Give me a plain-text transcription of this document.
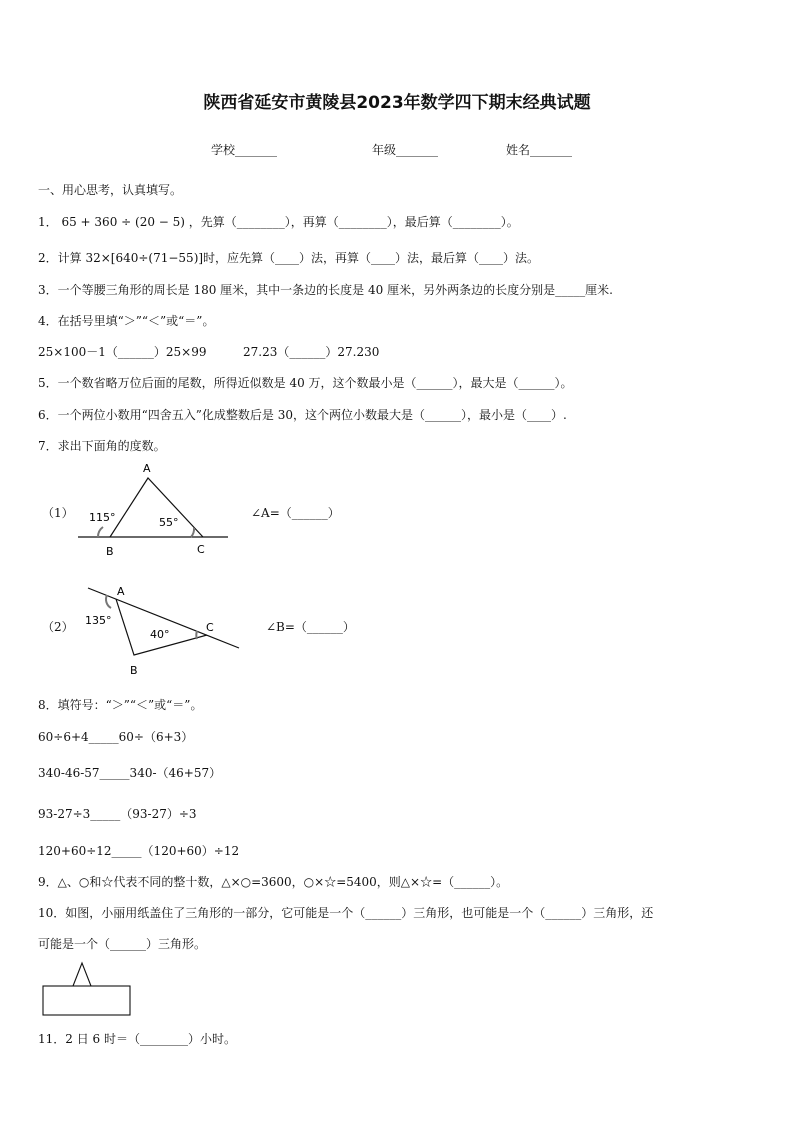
陕西省延安市黄陵县2023年数学四下期末经典试题
学校_______	年级_______	姓名_______
一、用心思考，认真填写。
1． 65 + 360 ÷ (20 − 5) ，先算（________），再算（________），最后算（________）。
2．计算 32×[640÷(71−55)]时，应先算（____）法，再算（____）法，最后算（____）法。
3．一个等腰三角形的周长是 180 厘米，其中一条边的长度是 40 厘米，另外两条边的长度分别是_____厘米.
4．在括号里填“＞”“＜”或“＝”。
25×100－1（______）25×99	27.23（______）27.230
5．一个数省略万位后面的尾数，所得近似数是 40 万，这个数最小是（______），最大是（______）。
6．一个两位小数用“四舍五入”化成整数后是 30，这个两位小数最大是（______），最小是（____）.
7．求出下面角的度数。
（1）
A
B	C
115°	55°
∠A=（______）
（2）
A
B
C
135°
40°
∠B=（______）
8．填符号：“＞”“＜”或“＝”。
60÷6+4_____60÷（6+3）
340-46-57_____340-（46+57）
93-27÷3_____（93-27）÷3
120+60÷12_____（120+60）÷12
9．△、○和☆代表不同的整十数，△×○=3600，○×☆=5400，则△×☆=（______）。
10．如图，小丽用纸盖住了三角形的一部分，它可能是一个（______）三角形，也可能是一个（______）三角形，还
可能是一个（______）三角形。
11．2 日 6 时＝（________）小时。
